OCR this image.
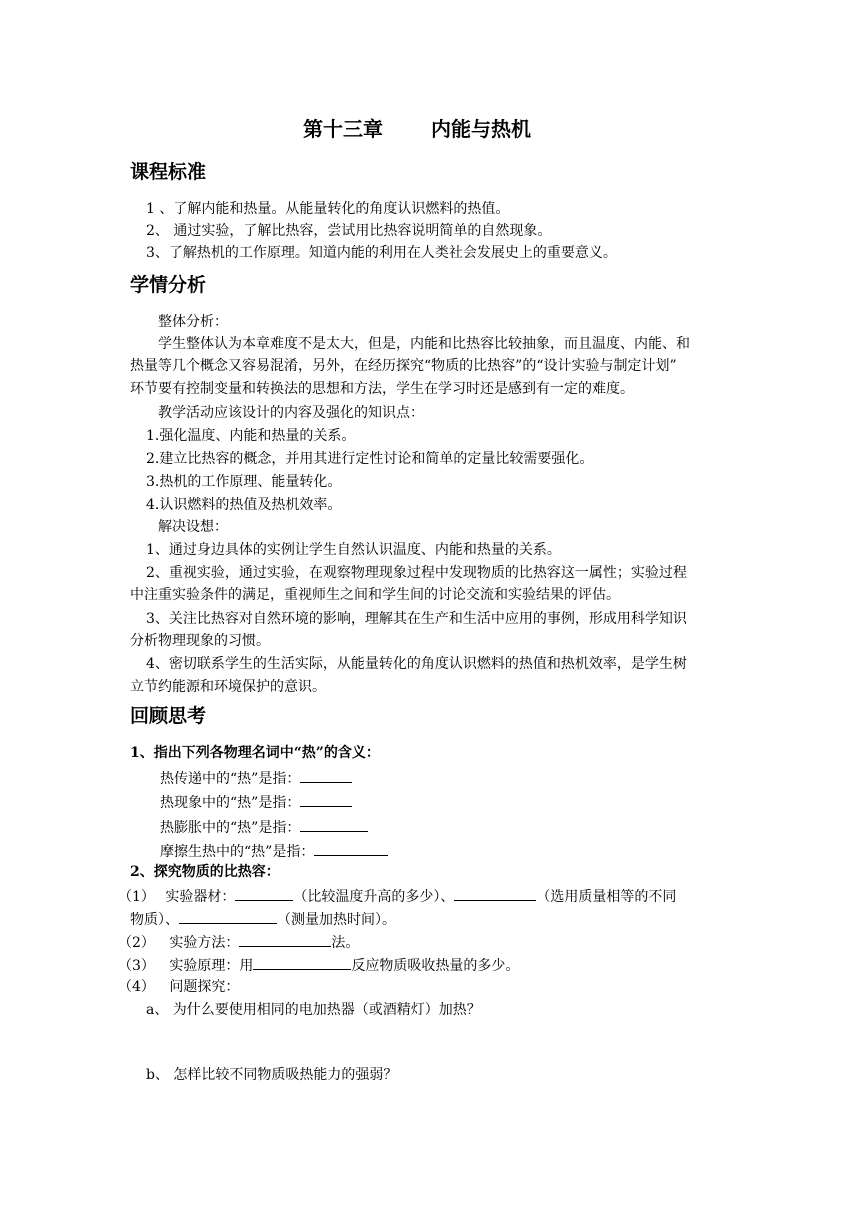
第十三章 内能与热机
课程标准
1 、了解内能和热量。从能量转化的角度认识燃料的热值。
2、 通过实验，了解比热容，尝试用比热容说明简单的自然现象。
3、了解热机的工作原理。知道内能的利用在人类社会发展史上的重要意义。
学情分析
整体分析：
学生整体认为本章难度不是太大，但是，内能和比热容比较抽象，而且温度、内能、和
热量等几个概念又容易混淆，另外，在经历探究“物质的比热容”的“设计实验与制定计划”
环节要有控制变量和转换法的思想和方法，学生在学习时还是感到有一定的难度。
教学活动应该设计的内容及强化的知识点：
1.强化温度、内能和热量的关系。
2.建立比热容的概念，并用其进行定性讨论和简单的定量比较需要强化。
3.热机的工作原理、能量转化。
4.认识燃料的热值及热机效率。
解决设想：
1、通过身边具体的实例让学生自然认识温度、内能和热量的关系。
2、重视实验，通过实验，在观察物理现象过程中发现物质的比热容这一属性；实验过程
中注重实验条件的满足，重视师生之间和学生间的讨论交流和实验结果的评估。
3、关注比热容对自然环境的影响，理解其在生产和生活中应用的事例，形成用科学知识
分析物理现象的习惯。
4、密切联系学生的生活实际，从能量转化的角度认识燃料的热值和热机效率，是学生树
立节约能源和环境保护的意识。
回顾思考
1、指出下列各物理名词中“热”的含义：
热传递中的“热”是指：
热现象中的“热”是指：
热膨胀中的“热”是指：
摩擦生热中的“热”是指：
2、探究物质的比热容：
（1） 实验器材：	（比较温度升高的多少）、	（选用质量相等的不同
物质）、	（测量加热时间）。
（2） 实验方法：	法。
（3） 实验原理：用	反应物质吸收热量的多少。
（4） 问题探究：
a、 为什么要使用相同的电加热器（或酒精灯）加热？
b、 怎样比较不同物质吸热能力的强弱？
